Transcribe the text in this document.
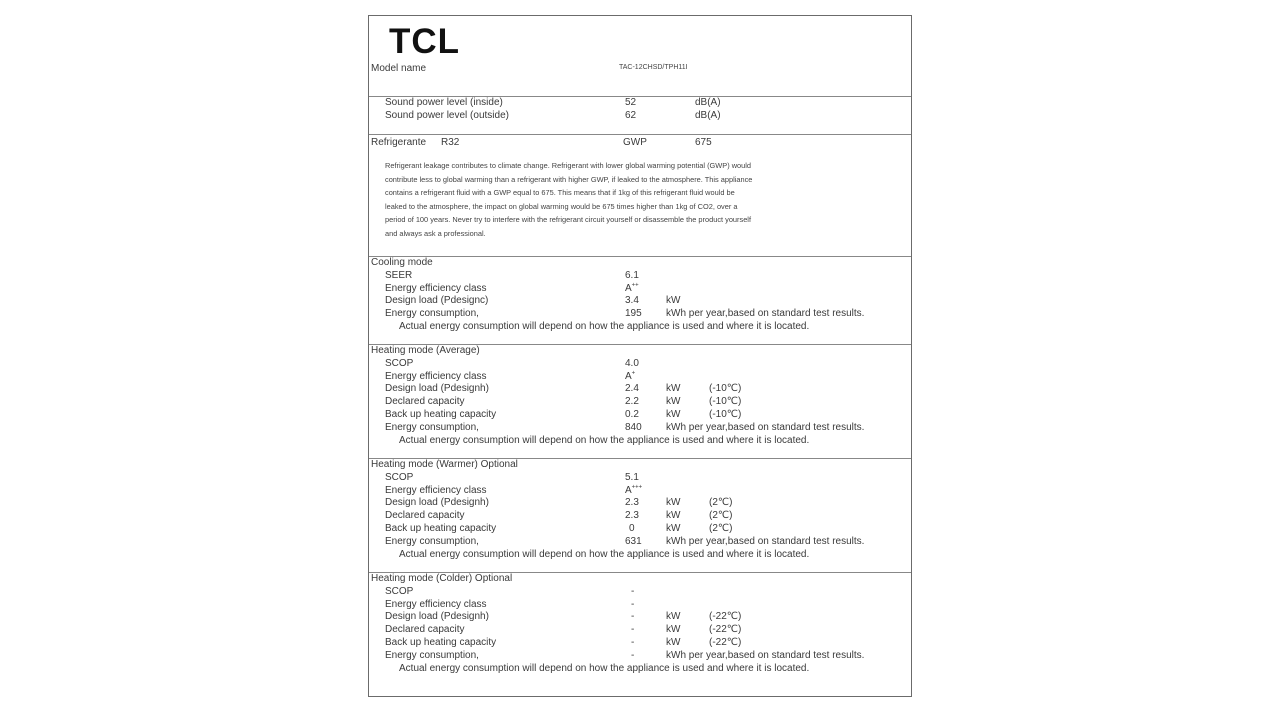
TCL
Model name	TAC-12CHSD/TPH11I
Sound power level (inside)	52	dB(A)
Sound power level (outside)	62	dB(A)
Refrigerante R32	GWP	675
Refrigerant leakage contributes to climate change. Refrigerant with lower global warming potential (GWP) would
contribute less to global warming than a refrigerant with higher GWP, if leaked to the atmosphere. This appliance
contains a refrigerant fluid with a GWP equal to 675. This means that if 1kg of this refrigerant fluid would be
leaked to the atmosphere, the impact on global warming would be 675 times higher than 1kg of CO2, over a
period of 100 years. Never try to interfere with the refrigerant circuit yourself or disassemble the product yourself
and always ask a professional.
Cooling mode
SEER	6.1
Energy efficiency class	A++
Design load (Pdesignc)	3.4	kW
Energy consumption,	195 kWh per year,based on standard test results.
Actual energy consumption will depend on how the appliance is used and where it is located.
Heating mode (Average)
SCOP	4.0
Energy efficiency class	A+
Design load (Pdesignh)	2.4	kW	(-10℃)
Declared capacity	2.2	kW	(-10℃)
Back up heating capacity	0.2	kW	(-10℃)
Energy consumption,	840 kWh per year,based on standard test results.
Actual energy consumption will depend on how the appliance is used and where it is located.
Heating mode (Warmer) Optional
SCOP	5.1
Energy efficiency class	A+++
Design load (Pdesignh)	2.3	kW	(2℃)
Declared capacity	2.3	kW	(2℃)
Back up heating capacity	0	kW	(2℃)
Energy consumption,	631 kWh per year,based on standard test results.
Actual energy consumption will depend on how the appliance is used and where it is located.
Heating mode (Colder) Optional
SCOP	-
Energy efficiency class	-
Design load (Pdesignh)	-	kW	(-22℃)
Declared capacity	-	kW	(-22℃)
Back up heating capacity	-	kW	(-22℃)
Energy consumption,	-	kWh per year,based on standard test results.
Actual energy consumption will depend on how the appliance is used and where it is located.
